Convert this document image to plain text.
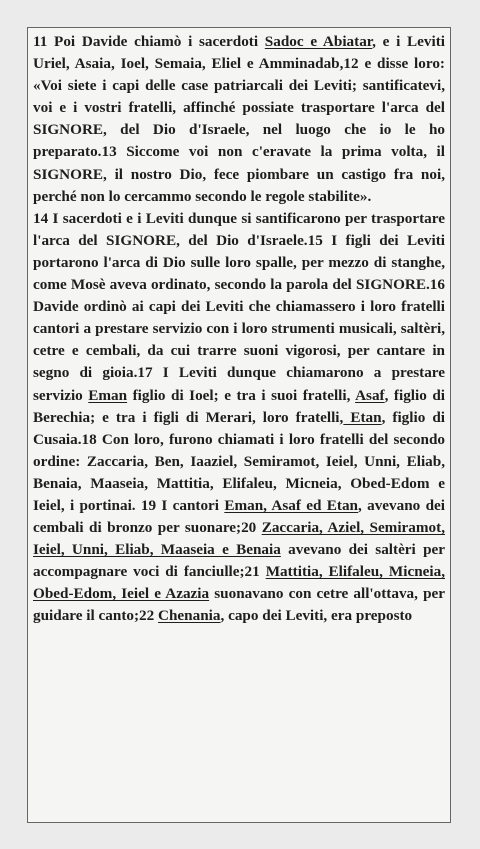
11 Poi Davide chiamò i sacerdoti Sadoc e Abiatar, e i Leviti Uriel, Asaia, Ioel, Semaia, Eliel e Amminadab,12 e disse loro: «Voi siete i capi delle case patriarcali dei Leviti; santificatevi, voi e i vostri fratelli, affinché possiate trasportare l'arca del SIGNORE, del Dio d'Israele, nel luogo che io le ho preparato.13 Siccome voi non c'eravate la prima volta, il SIGNORE, il nostro Dio, fece piombare un castigo fra noi, perché non lo cercammo secondo le regole stabilite».

14 I sacerdoti e i Leviti dunque si santificarono per trasportare l'arca del SIGNORE, del Dio d'Israele.15 I figli dei Leviti portarono l'arca di Dio sulle loro spalle, per mezzo di stanghe, come Mosè aveva ordinato, secondo la parola del SIGNORE.16 Davide ordinò ai capi dei Leviti che chiamassero i loro fratelli cantori a prestare servizio con i loro strumenti musicali, saltèri, cetre e cembali, da cui trarre suoni vigorosi, per cantare in segno di gioia.17 I Leviti dunque chiamarono a prestare servizio Eman figlio di Ioel; e tra i suoi fratelli, Asaf, figlio di Berechia; e tra i figli di Merari, loro fratelli, Etan, figlio di Cusaia.18 Con loro, furono chiamati i loro fratelli del secondo ordine: Zaccaria, Ben, Iaaziel, Semiramot, Ieiel, Unni, Eliab, Benaia, Maaseia, Mattitia, Elifaleu, Micneia, Obed-Edom e Ieiel, i portinai. 19 I cantori Eman, Asaf ed Etan, avevano dei cembali di bronzo per suonare;20 Zaccaria, Aziel, Semiramot, Ieiel, Unni, Eliab, Maaseia e Benaia avevano dei saltèri per accompagnare voci di fanciulle;21 Mattitia, Elifaleu, Micneia, Obed-Edom, Ieiel e Azazia suonavano con cetre all'ottava, per guidare il canto;22 Chenania, capo dei Leviti, era preposto
